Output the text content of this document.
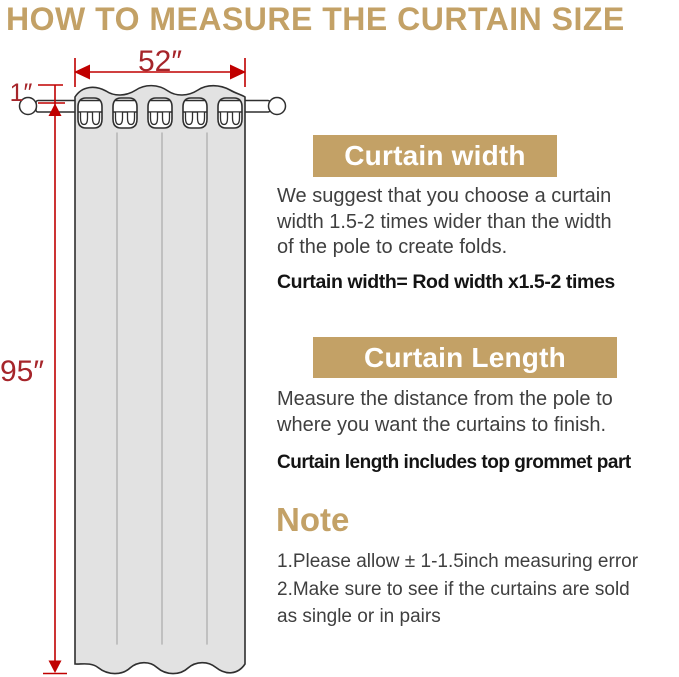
HOW TO MEASURE THE CURTAIN SIZE
52″
1″
95″
Curtain width
We suggest that you choose a curtain
width 1.5-2 times wider than the width
of the pole to create folds.
Curtain width= Rod width x1.5-2 times
Curtain Length
Measure the distance from the pole to
where you want the curtains to finish.
Curtain length includes top grommet part
Note
1.Please allow ± 1-1.5inch measuring error
2.Make sure to see if the curtains are sold
as single or in pairs
